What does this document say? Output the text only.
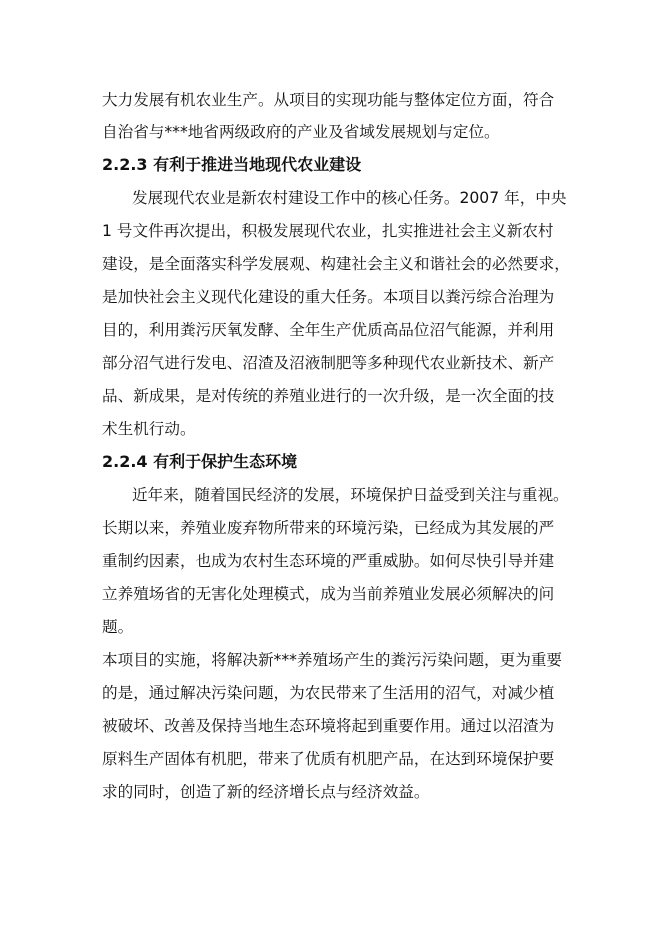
大力发展有机农业生产。从项目的实现功能与整体定位方面，符合
自治省与***地省两级政府的产业及省域发展规划与定位。
2.2.3 有利于推进当地现代农业建设
发展现代农业是新农村建设工作中的核心任务。2007 年，中央
1 号文件再次提出，积极发展现代农业，扎实推进社会主义新农村
建设，是全面落实科学发展观、构建社会主义和谐社会的必然要求，
是加快社会主义现代化建设的重大任务。本项目以粪污综合治理为
目的，利用粪污厌氧发酵、全年生产优质高品位沼气能源，并利用
部分沼气进行发电、沼渣及沼液制肥等多种现代农业新技术、新产
品、新成果，是对传统的养殖业进行的一次升级，是一次全面的技
术生机行动。
2.2.4 有利于保护生态环境
近年来，随着国民经济的发展，环境保护日益受到关注与重视。
长期以来，养殖业废弃物所带来的环境污染，已经成为其发展的严
重制约因素，也成为农村生态环境的严重威胁。如何尽快引导并建
立养殖场省的无害化处理模式，成为当前养殖业发展必须解决的问
题。
本项目的实施，将解决新***养殖场产生的粪污污染问题，更为重要
的是，通过解决污染问题，为农民带来了生活用的沼气，对减少植
被破坏、改善及保持当地生态环境将起到重要作用。通过以沼渣为
原料生产固体有机肥，带来了优质有机肥产品，在达到环境保护要
求的同时，创造了新的经济增长点与经济效益。
